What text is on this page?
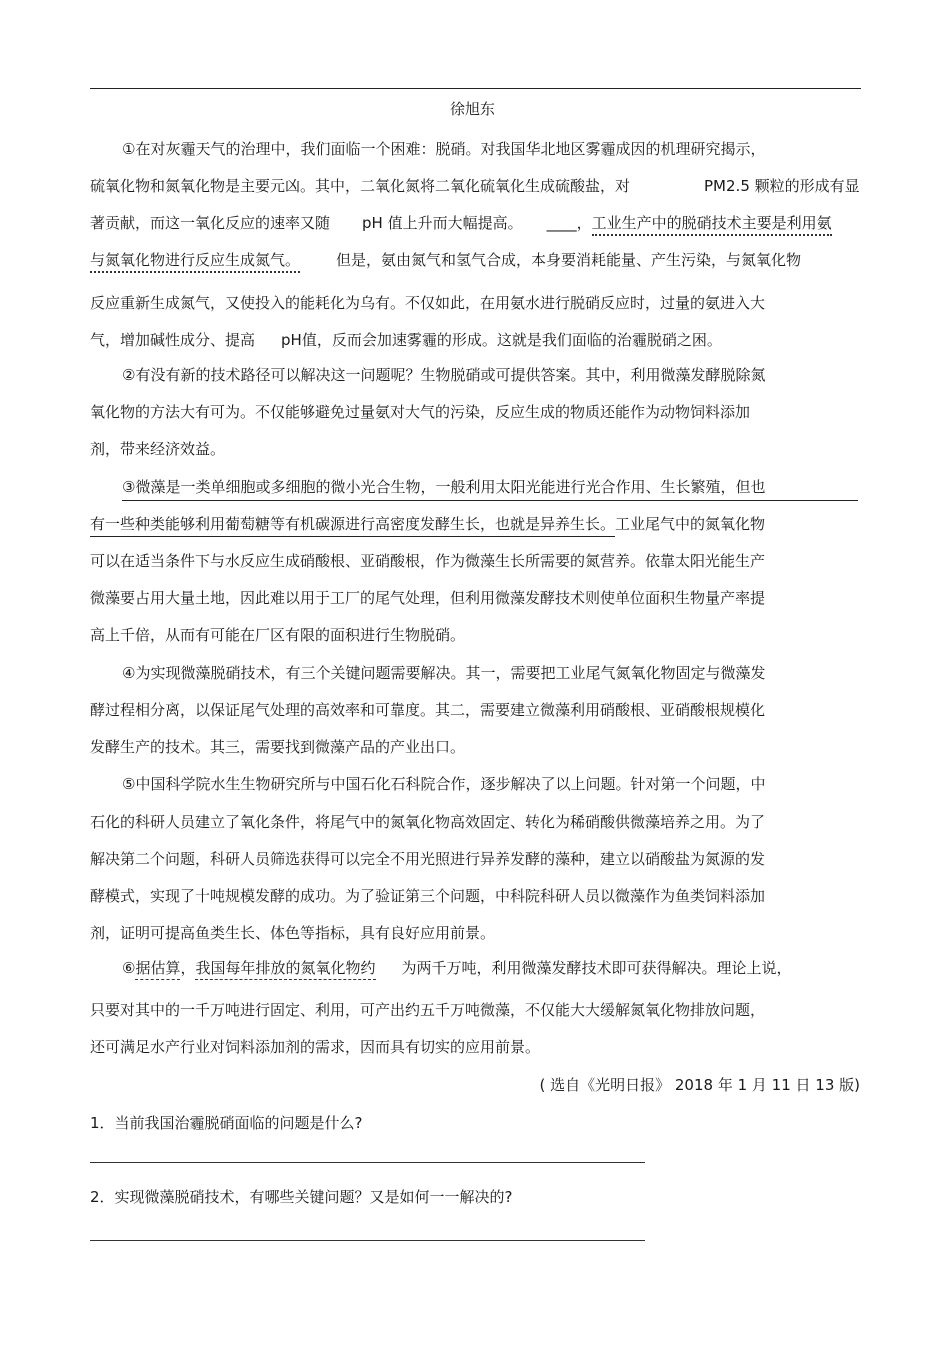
徐旭东
①在对灰霾天气的治理中，我们面临一个困难：脱硝。对我国华北地区雾霾成因的机理研究揭示，
硫氧化物和氮氧化物是主要元凶。其中，二氧化氮将二氧化硫氧化生成硫酸盐，对	PM2.5 颗粒的形成有显
著贡献，而这一氧化反应的速率又随 pH 值上升而大幅提高。 ____，工业生产中的脱硝技术主要是利用氨
与氮氧化物进行反应生成氮气。 但是，氨由氮气和氢气合成，本身要消耗能量、产生污染，与氮氧化物
反应重新生成氮气，又使投入的能耗化为乌有。不仅如此，在用氨水进行脱硝反应时，过量的氨进入大
气，增加碱性成分、提高 pH值，反而会加速雾霾的形成。这就是我们面临的治霾脱硝之困。
②有没有新的技术路径可以解决这一问题呢？生物脱硝或可提供答案。其中，利用微藻发酵脱除氮
氧化物的方法大有可为。不仅能够避免过量氨对大气的污染，反应生成的物质还能作为动物饲料添加
剂，带来经济效益。
③微藻是一类单细胞或多细胞的微小光合生物，一般利用太阳光能进行光合作用、生长繁殖，但也
有一些种类能够利用葡萄糖等有机碳源进行高密度发酵生长，也就是异养生长。工业尾气中的氮氧化物
可以在适当条件下与水反应生成硝酸根、亚硝酸根，作为微藻生长所需要的氮营养。依靠太阳光能生产
微藻要占用大量土地，因此难以用于工厂的尾气处理，但利用微藻发酵技术则使单位面积生物量产率提
高上千倍，从而有可能在厂区有限的面积进行生物脱硝。
④为实现微藻脱硝技术，有三个关键问题需要解决。其一，需要把工业尾气氮氧化物固定与微藻发
酵过程相分离，以保证尾气处理的高效率和可靠度。其二，需要建立微藻利用硝酸根、亚硝酸根规模化
发酵生产的技术。其三，需要找到微藻产品的产业出口。
⑤中国科学院水生生物研究所与中国石化石科院合作，逐步解决了以上问题。针对第一个问题，中
石化的科研人员建立了氧化条件，将尾气中的氮氧化物高效固定、转化为稀硝酸供微藻培养之用。为了
解决第二个问题，科研人员筛选获得可以完全不用光照进行异养发酵的藻种，建立以硝酸盐为氮源的发
酵模式，实现了十吨规模发酵的成功。为了验证第三个问题，中科院科研人员以微藻作为鱼类饲料添加
剂，证明可提高鱼类生长、体色等指标，具有良好应用前景。
⑥据估算，我国每年排放的氮氧化物约 为两千万吨，利用微藻发酵技术即可获得解决。理论上说，
只要对其中的一千万吨进行固定、利用，可产出约五千万吨微藻，不仅能大大缓解氮氧化物排放问题，
还可满足水产行业对饲料添加剂的需求，因而具有切实的应用前景。
( 选自《光明日报》 2018 年 1 月 11 日 13 版)
1．当前我国治霾脱硝面临的问题是什么?
2．实现微藻脱硝技术，有哪些关键问题？又是如何一一解决的?
